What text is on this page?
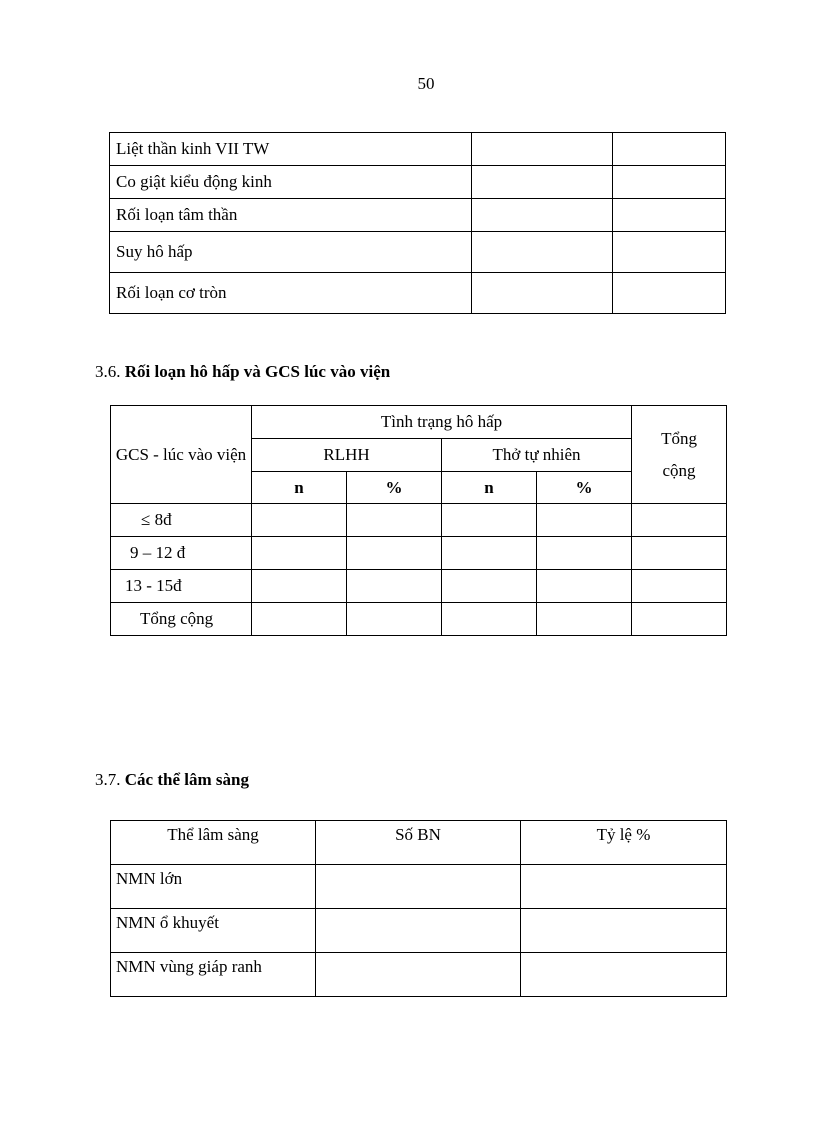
50
Liệt thần kinh VII TW		
Co giật kiểu động kinh		
Rối loạn tâm thần		
Suy hô hấp		
Rối loạn cơ tròn		
3.6. Rối loạn hô hấp và GCS lúc vào viện
GCS - lúc vào viện	Tình trạng hô hấp				Tổng cộng
	RLHH		Thở tự nhiên		
	n	%	n	%	
≤ 8đ					
9 – 12 đ					
13 - 15đ					
Tổng cộng					
3.7. Các thể lâm sàng
Thể lâm sàng	Số BN	Tỷ lệ %
NMN lớn		
NMN ổ khuyết		
NMN vùng giáp ranh		
